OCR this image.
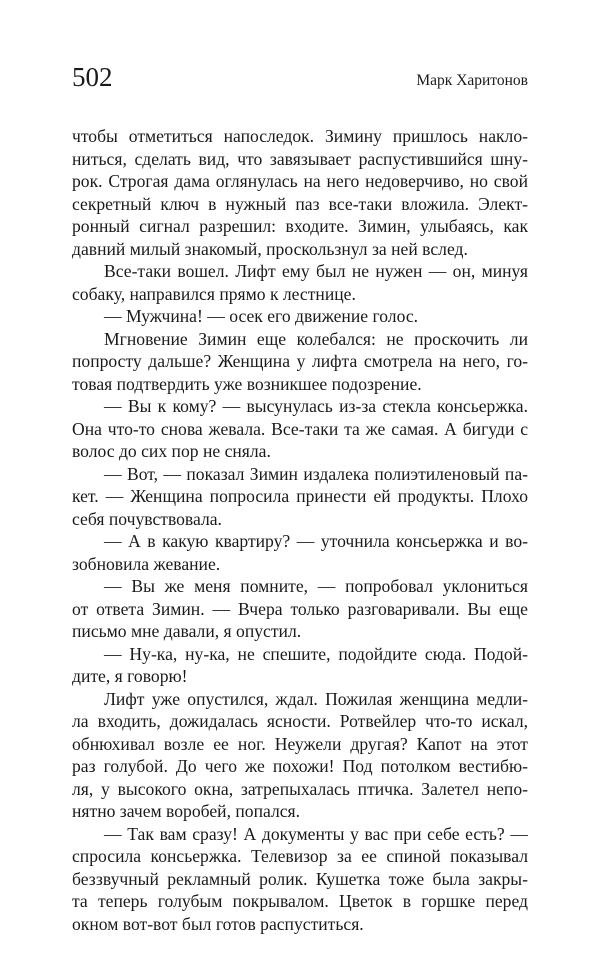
502	Марк Харитонов
чтобы отметиться напоследок. Зимину пришлось накло-
ниться, сделать вид, что завязывает распустившийся шну-
рок. Строгая дама оглянулась на него недоверчиво, но свой
секретный ключ в нужный паз все-таки вложила. Элект-
ронный сигнал разрешил: входите. Зимин, улыбаясь, как
давний милый знакомый, проскользнул за ней вслед.
Все-таки вошел. Лифт ему был не нужен — он, минуя
собаку, направился прямо к лестнице.
— Мужчина! — осек его движение голос.
Мгновение Зимин еще колебался: не проскочить ли
попросту дальше? Женщина у лифта смотрела на него, го-
товая подтвердить уже возникшее подозрение.
— Вы к кому? — высунулась из-за стекла консьержка.
Она что-то снова жевала. Все-таки та же самая. А бигуди с
волос до сих пор не сняла.
— Вот, — показал Зимин издалека полиэтиленовый па-
кет. — Женщина попросила принести ей продукты. Плохо
себя почувствовала.
— А в какую квартиру? — уточнила консьержка и во-
зобновила жевание.
— Вы же меня помните, — попробовал уклониться
от ответа Зимин. — Вчера только разговаривали. Вы еще
письмо мне давали, я опустил.
— Ну-ка, ну-ка, не спешите, подойдите сюда. Подой-
дите, я говорю!
Лифт уже опустился, ждал. Пожилая женщина медли-
ла входить, дожидалась ясности. Ротвейлер что-то искал,
обнюхивал возле ее ног. Неужели другая? Капот на этот
раз голубой. До чего же похожи! Под потолком вестибю-
ля, у высокого окна, затрепыхалась птичка. Залетел непо-
нятно зачем воробей, попался.
— Так вам сразу! А документы у вас при себе есть? —
спросила консьержка. Телевизор за ее спиной показывал
беззвучный рекламный ролик. Кушетка тоже была закры-
та теперь голубым покрывалом. Цветок в горшке перед
окном вот-вот был готов распуститься.
